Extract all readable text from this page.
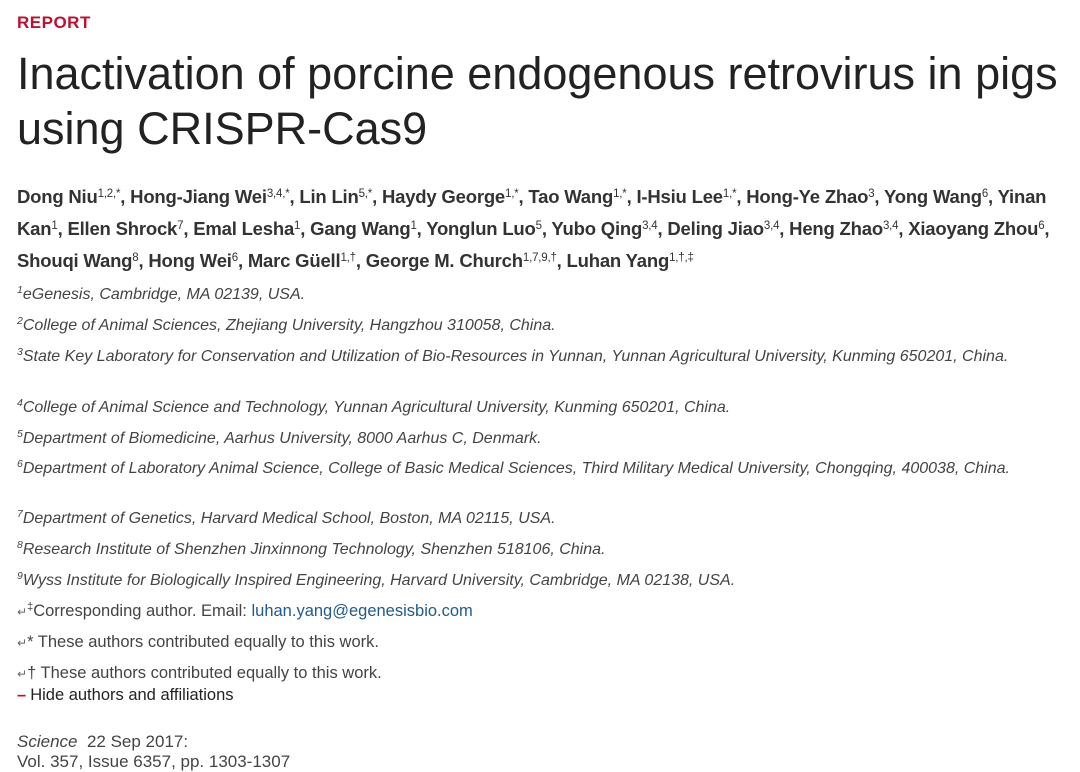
REPORT
Inactivation of porcine endogenous retrovirus in pigs using CRISPR-Cas9
Dong Niu$^{1,2,*}$, Hong-Jiang Wei$^{3,4,*}$, Lin Lin$^{5,*}$, Haydy George$^{1,*}$, Tao Wang$^{1,*}$, I-Hsiu Lee$^{1,*}$, Hong-Ye Zhao$^3$, Yong Wang$^6$, Yinan Kan$^1$, Ellen Shrock$^7$, Emal Lesha$^1$, Gang Wang$^1$, Yonglun Luo$^5$, Yubo Qing$^{3,4}$, Deling Jiao$^{3,4}$, Heng Zhao$^{3,4}$, Xiaoyang Zhou$^6$, Shouqi Wang$^8$, Hong Wei$^6$, Marc Güell$^{1,\dagger}$, George M. Church$^{1,7,9,\dagger}$, Luhan Yang$^{1,\dagger,\ddagger}$
$^1$eGenesis, Cambridge, MA 02139, USA.
$^2$College of Animal Sciences, Zhejiang University, Hangzhou 310058, China.
$^3$State Key Laboratory for Conservation and Utilization of Bio-Resources in Yunnan, Yunnan Agricultural University, Kunming 650201, China.
$^4$College of Animal Science and Technology, Yunnan Agricultural University, Kunming 650201, China.
$^5$Department of Biomedicine, Aarhus University, 8000 Aarhus C, Denmark.
$^6$Department of Laboratory Animal Science, College of Basic Medical Sciences, Third Military Medical University, Chongqing, 400038, China.
$^7$Department of Genetics, Harvard Medical School, Boston, MA 02115, USA.
$^8$Research Institute of Shenzhen Jinxinnong Technology, Shenzhen 518106, China.
$^9$Wyss Institute for Biologically Inspired Engineering, Harvard University, Cambridge, MA 02138, USA.
↵‡Corresponding author. Email: luhan.yang@egenesisbio.com
↵* These authors contributed equally to this work.
↵† These authors contributed equally to this work.
– Hide authors and affiliations
Science 22 Sep 2017:
Vol. 357, Issue 6357, pp. 1303-1307
